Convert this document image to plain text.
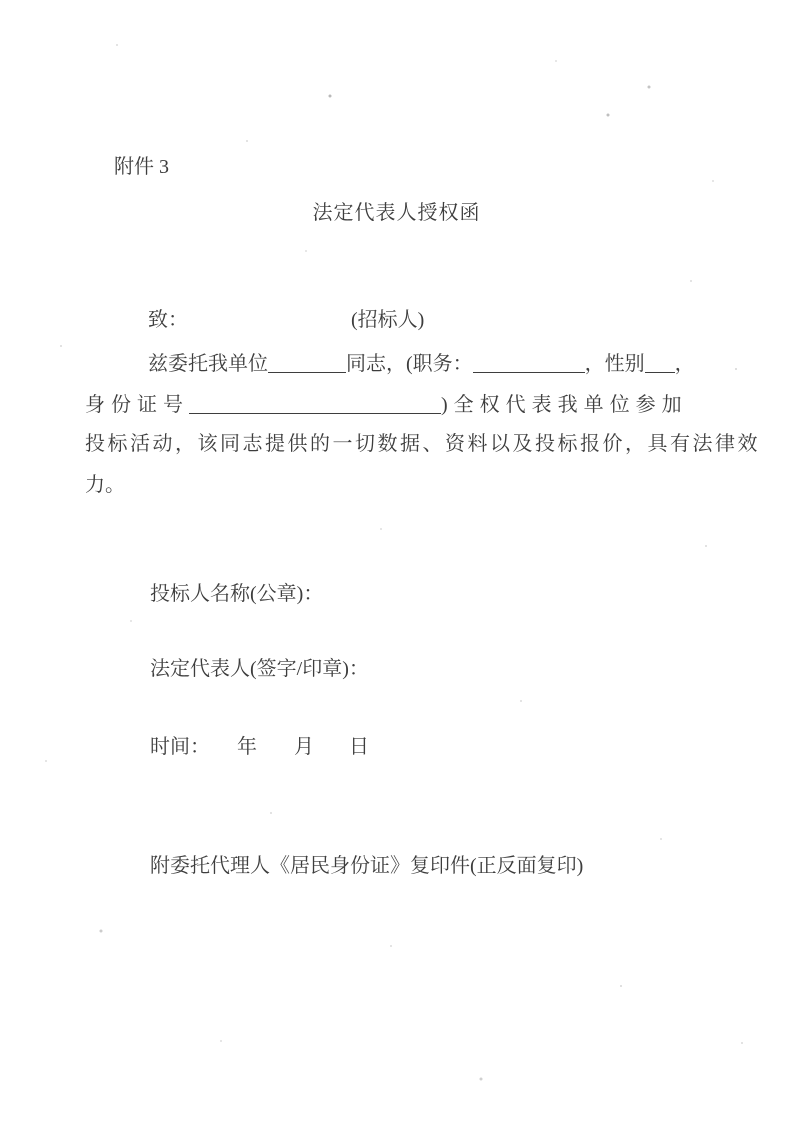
附件 3
法定代表人授权函
致：	(招标人)
兹委托我单位	同志，(职务：	，性别 ，
身份证号	)全权代表我单位参加
投标活动，该同志提供的一切数据、资料以及投标报价，具有法律效
力。
投标人名称(公章)：
法定代表人(签字/印章)：
时间： 年 月 日
附委托代理人《居民身份证》复印件(正反面复印)
